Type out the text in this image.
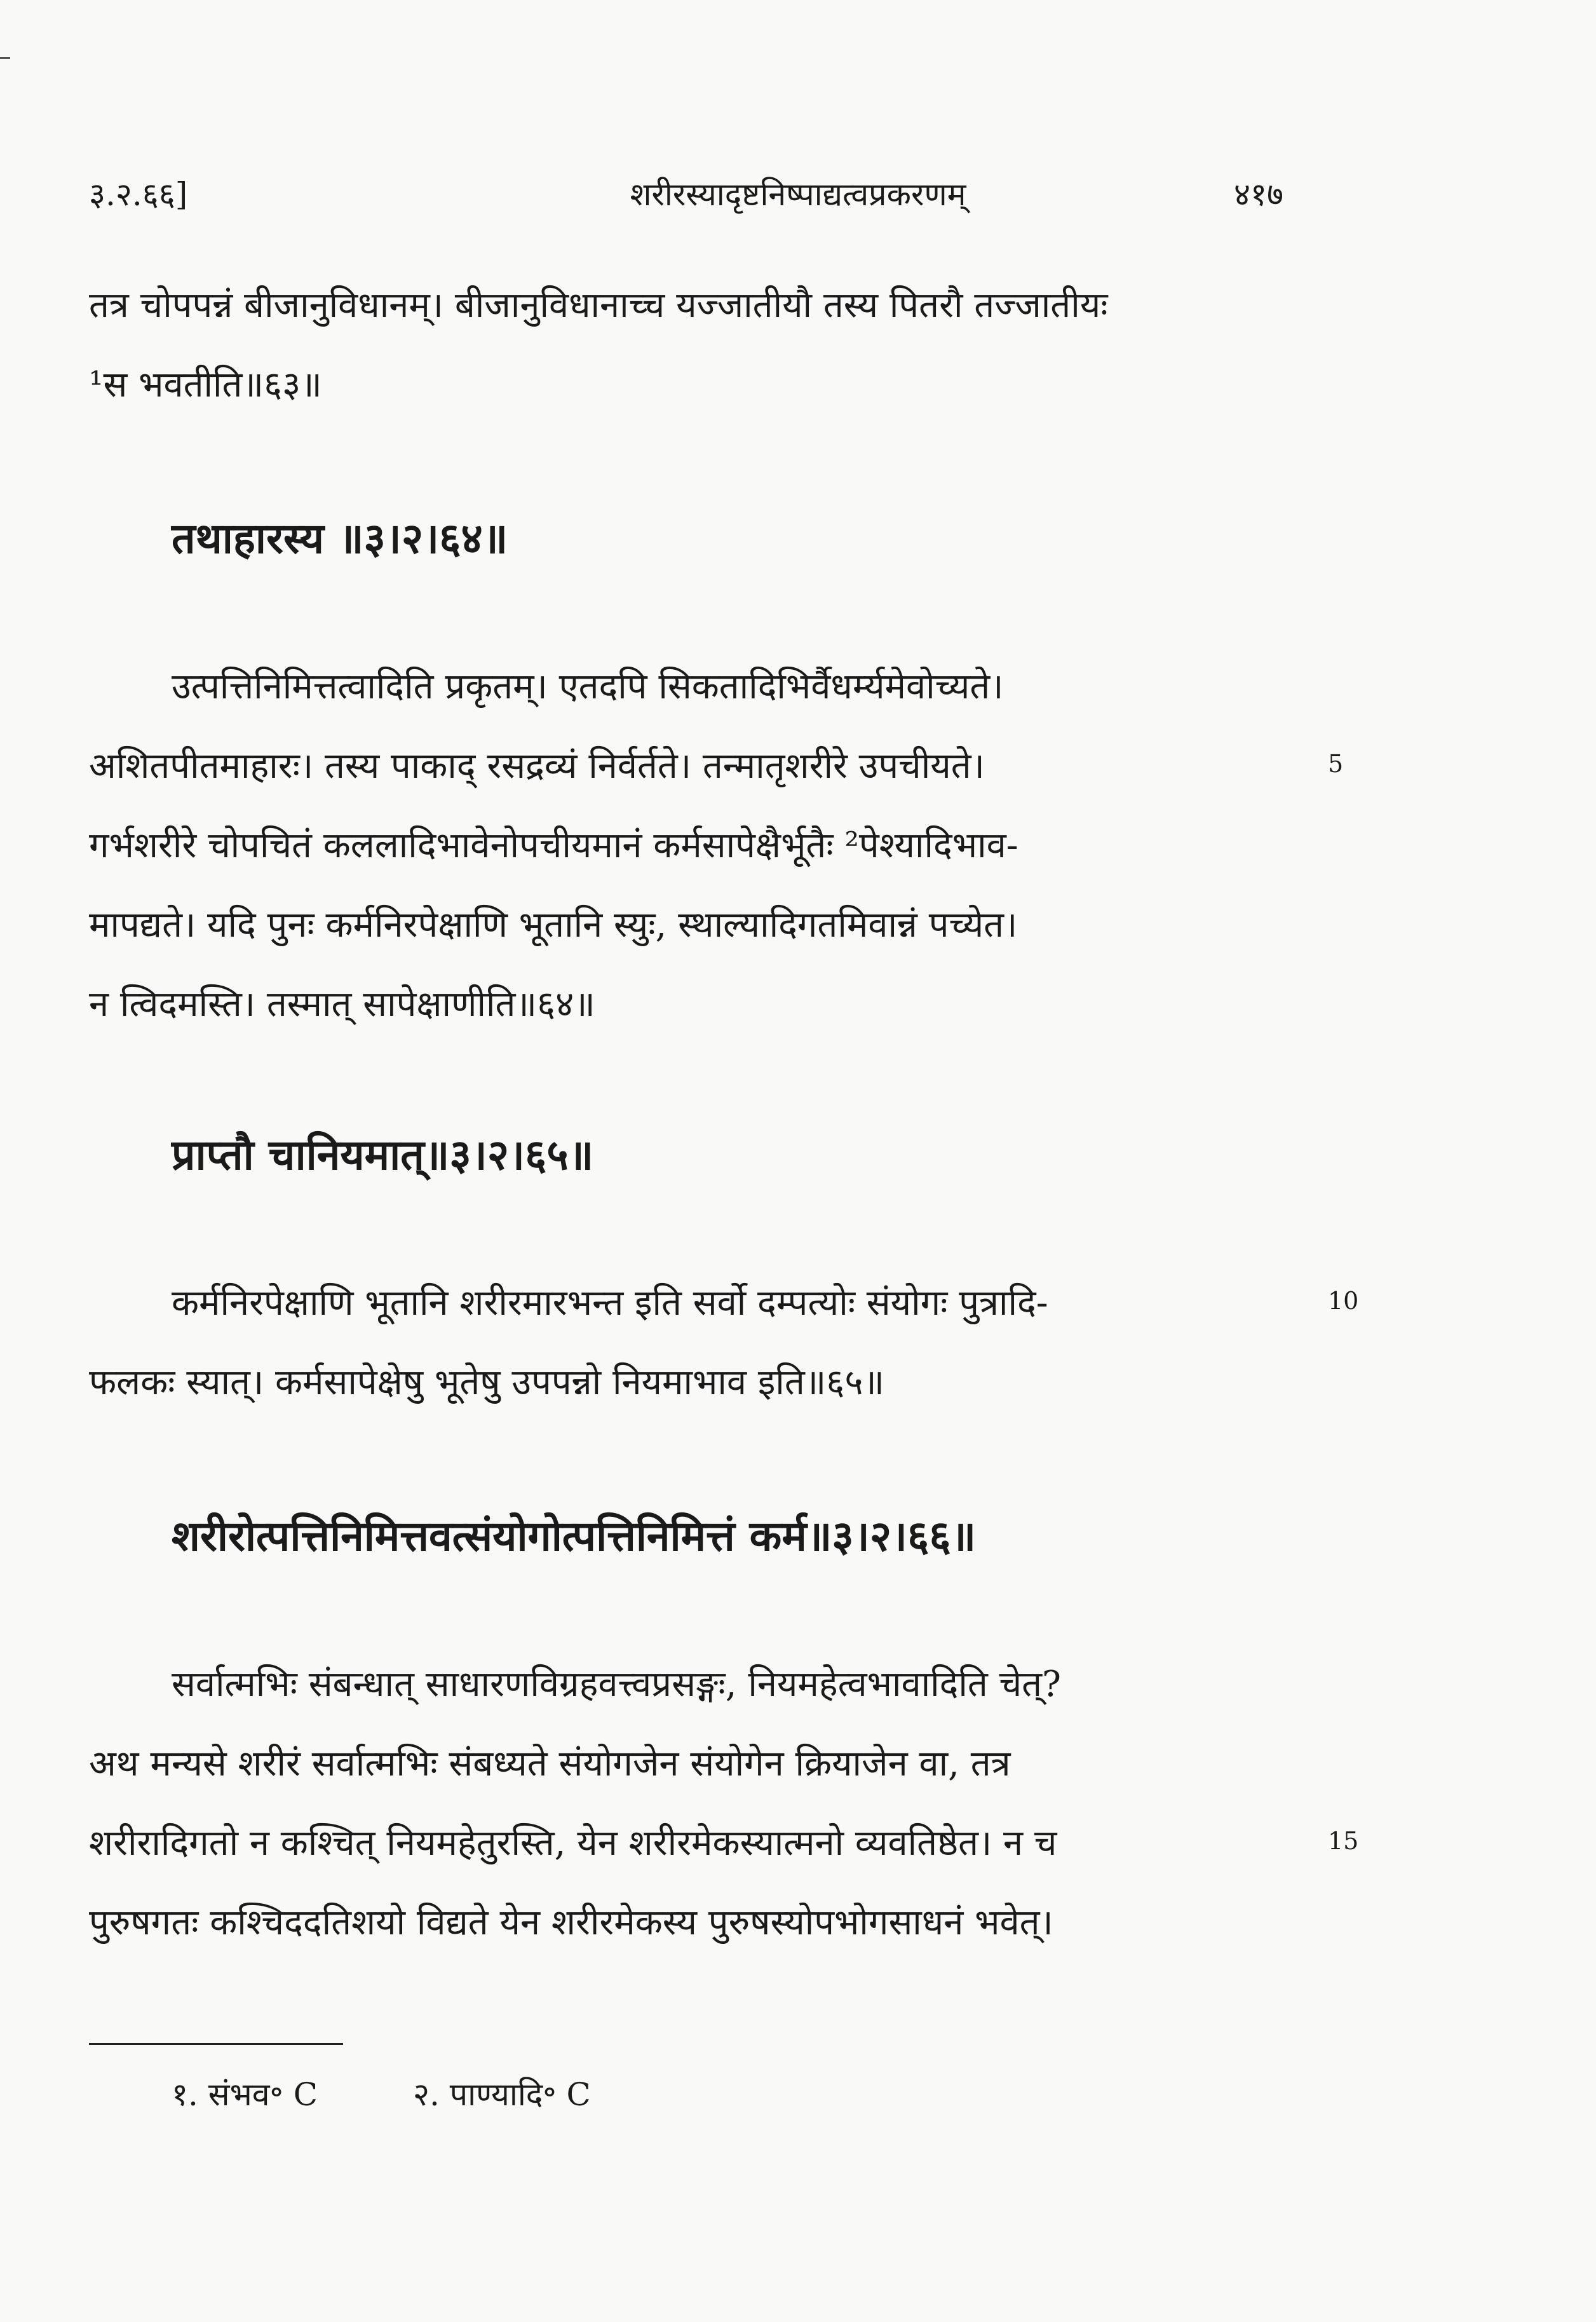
३.२.६६]	शरीरस्यादृष्टनिष्पाद्यत्वप्रकरणम्	४१७
तत्र चोपपन्नं बीजानुविधानम्। बीजानुविधानाच्च यज्जातीयौ तस्य पितरौ तज्जातीयः
¹स भवतीति॥६३॥
तथाहारस्य ॥३।२।६४॥
उत्पत्तिनिमित्तत्वादिति प्रकृतम्। एतदपि सिकतादिभिर्वैधर्म्यमेवोच्यते।
अशितपीतमाहारः। तस्य पाकाद् रसद्रव्यं निर्वर्तते। तन्मातृशरीरे उपचीयते।	5
गर्भशरीरे चोपचितं कललादिभावेनोपचीयमानं कर्मसापेक्षैर्भूतैः ²पेश्यादिभाव-
मापद्यते। यदि पुनः कर्मनिरपेक्षाणि भूतानि स्युः, स्थाल्यादिगतमिवान्नं पच्येत।
न त्विदमस्ति। तस्मात् सापेक्षाणीति॥६४॥
प्राप्तौ चानियमात्॥३।२।६५॥
कर्मनिरपेक्षाणि भूतानि शरीरमारभन्त इति सर्वो दम्पत्योः संयोगः पुत्रादि-	10
फलकः स्यात्। कर्मसापेक्षेषु भूतेषु उपपन्नो नियमाभाव इति॥६५॥
शरीरोत्पत्तिनिमित्तवत्संयोगोत्पत्तिनिमित्तं कर्म॥३।२।६६॥
सर्वात्मभिः संबन्धात् साधारणविग्रहवत्त्वप्रसङ्गः, नियमहेत्वभावादिति चेत्?
अथ मन्यसे शरीरं सर्वात्मभिः संबध्यते संयोगजेन संयोगेन क्रियाजेन वा, तत्र
शरीरादिगतो न कश्चित् नियमहेतुरस्ति, येन शरीरमेकस्यात्मनो व्यवतिष्ठेत। न च	15
पुरुषगतः कश्चिददतिशयो विद्यते येन शरीरमेकस्य पुरुषस्योपभोगसाधनं भवेत्।
१. संभव॰ C	२. पाण्यादि॰ C
